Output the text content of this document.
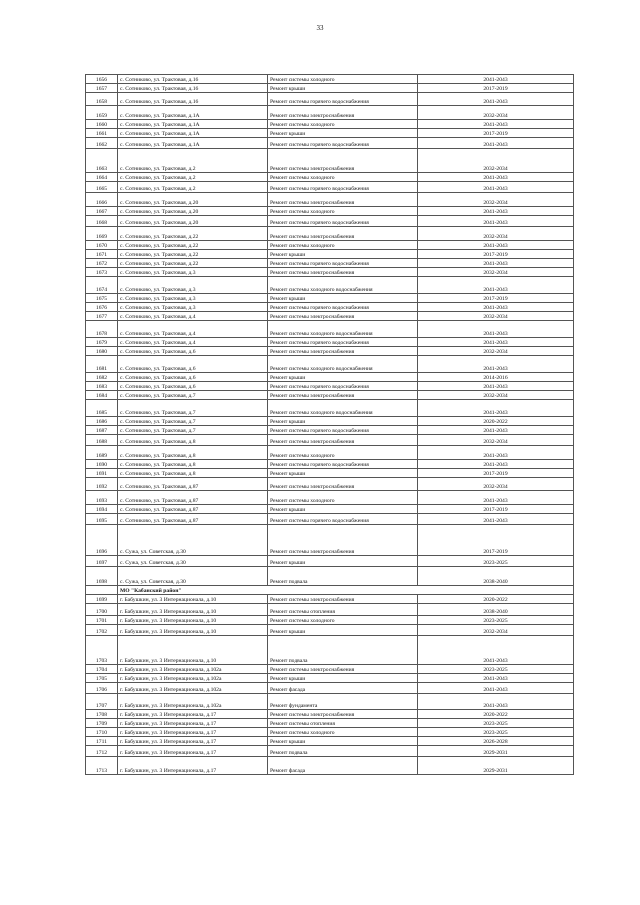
33
1656	с. Сотниково, ул. Трактовая, д.16	Ремонт системы холодного	2041-2043
1657	с. Сотниково, ул. Трактовая, д.16	Ремонт крыши	2017-2019
1658	с. Сотниково, ул. Трактовая, д.16	Ремонт системы горячего водоснабжения	2041-2043
1659	с. Сотниково, ул. Трактовая, д.1А	Ремонт системы электроснабжения	2032-2034
1660	с. Сотниково, ул. Трактовая, д.1А	Ремонт системы холодного	2041-2043
1661	с. Сотниково, ул. Трактовая, д.1А	Ремонт крыши	2017-2019
1662	с. Сотниково, ул. Трактовая, д.1А	Ремонт системы горячего водоснабжения	2041-2043
1663	с. Сотниково, ул. Трактовая, д.2	Ремонт системы электроснабжения	2032-2034
1664	с. Сотниково, ул. Трактовая, д.2	Ремонт системы холодного	2041-2043
1665	с. Сотниково, ул. Трактовая, д.2	Ремонт системы горячего водоснабжения	2041-2043
1666	с. Сотниково, ул. Трактовая, д.20	Ремонт системы электроснабжения	2032-2034
1667	с. Сотниково, ул. Трактовая, д.20	Ремонт системы холодного	2041-2043
1668	с. Сотниково, ул. Трактовая, д.20	Ремонт системы горячего водоснабжения	2041-2043
1669	с. Сотниково, ул. Трактовая, д.22	Ремонт системы электроснабжения	2032-2034
1670	с. Сотниково, ул. Трактовая, д.22	Ремонт системы холодного	2041-2043
1671	с. Сотниково, ул. Трактовая, д.22	Ремонт крыши	2017-2019
1672	с. Сотниково, ул. Трактовая, д.22	Ремонт системы горячего водоснабжения	2041-2043
1673	с. Сотниково, ул. Трактовая, д.3	Ремонт системы электроснабжения	2032-2034
1674	с. Сотниково, ул. Трактовая, д.3	Ремонт системы холодного водоснабжения	2041-2043
1675	с. Сотниково, ул. Трактовая, д.3	Ремонт крыши	2017-2019
1676	с. Сотниково, ул. Трактовая, д.3	Ремонт системы горячего водоснабжения	2041-2043
1677	с. Сотниково, ул. Трактовая, д.4	Ремонт системы электроснабжения	2032-2034
1678	с. Сотниково, ул. Трактовая, д.4	Ремонт системы холодного водоснабжения	2041-2043
1679	с. Сотниково, ул. Трактовая, д.4	Ремонт системы горячего водоснабжения	2041-2043
1680	с. Сотниково, ул. Трактовая, д.6	Ремонт системы электроснабжения	2032-2034
1681	с. Сотниково, ул. Трактовая, д.6	Ремонт системы холодного водоснабжения	2041-2043
1682	с. Сотниково, ул. Трактовая, д.6	Ремонт крыши	2014-2016
1683	с. Сотниково, ул. Трактовая, д.6	Ремонт системы горячего водоснабжения	2041-2043
1684	с. Сотниково, ул. Трактовая, д.7	Ремонт системы электроснабжения	2032-2034
1685	с. Сотниково, ул. Трактовая, д.7	Ремонт системы холодного водоснабжения	2041-2043
1686	с. Сотниково, ул. Трактовая, д.7	Ремонт крыши	2020-2022
1687	с. Сотниково, ул. Трактовая, д.7	Ремонт системы горячего водоснабжения	2041-2043
1688	с. Сотниково, ул. Трактовая, д.8	Ремонт системы электроснабжения	2032-2034
1689	с. Сотниково, ул. Трактовая, д.8	Ремонт системы холодного	2041-2043
1690	с. Сотниково, ул. Трактовая, д.8	Ремонт системы горячего водоснабжения	2041-2043
1691	с. Сотниково, ул. Трактовая, д.8	Ремонт крыши	2017-2019
1692	с. Сотниково, ул. Трактовая, д.87	Ремонт системы электроснабжения	2032-2034
1693	с. Сотниково, ул. Трактовая, д.87	Ремонт системы холодного	2041-2043
1694	с. Сотниково, ул. Трактовая, д.87	Ремонт крыши	2017-2019
1695	с. Сотниково, ул. Трактовая, д.87	Ремонт системы горячего водоснабжения	2041-2043
1696	с. Сужа, ул. Советская, д.30	Ремонт системы электроснабжения	2017-2019
1697	с. Сужа, ул. Советская, д.30	Ремонт крыши	2023-2025
1698	с. Сужа, ул. Советская, д.30	Ремонт подвала	2038-2040
	МО "Кабанский район"		
1699	г. Бабушкин, ул. 3 Интернационала, д.10	Ремонт системы электроснабжения	2020-2022
1700	г. Бабушкин, ул. 3 Интернационала, д.10	Ремонт системы отопления	2038-2040
1701	г. Бабушкин, ул. 3 Интернационала, д.10	Ремонт системы холодного	2023-2025
1702	г. Бабушкин, ул. 3 Интернационала, д.10	Ремонт крыши	2032-2034
1703	г. Бабушкин, ул. 3 Интернационала, д.10	Ремонт подвала	2041-2043
1704	г. Бабушкин, ул. 3 Интернационала, д.102а	Ремонт системы электроснабжения	2023-2025
1705	г. Бабушкин, ул. 3 Интернационала, д.102а	Ремонт крыши	2041-2043
1706	г. Бабушкин, ул. 3 Интернационала, д.102а	Ремонт фасада	2041-2043
1707	г. Бабушкин, ул. 3 Интернационала, д.102а	Ремонт фундамента	2041-2043
1708	г. Бабушкин, ул. 3 Интернационала, д.17	Ремонт системы электроснабжения	2020-2022
1709	г. Бабушкин, ул. 3 Интернационала, д.17	Ремонт системы отопления	2023-2025
1710	г. Бабушкин, ул. 3 Интернационала, д.17	Ремонт системы холодного	2023-2025
1711	г. Бабушкин, ул. 3 Интернационала, д.17	Ремонт крыши	2026-2028
1712	г. Бабушкин, ул. 3 Интернационала, д.17	Ремонт подвала	2029-2031
1713	г. Бабушкин, ул. 3 Интернационала, д.17	Ремонт фасада	2029-2031
